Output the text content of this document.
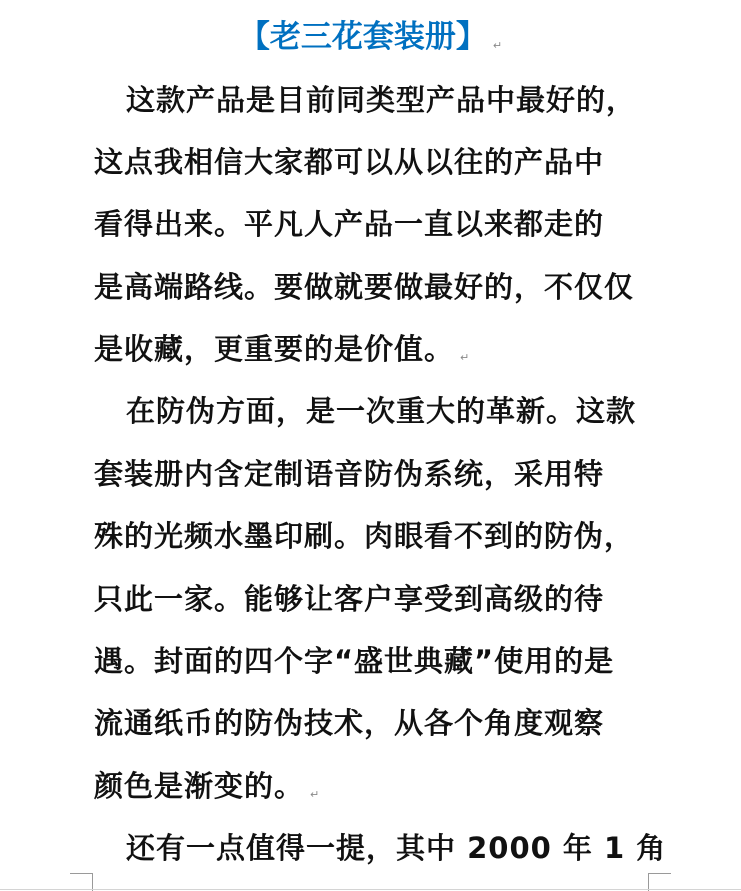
【老三花套装册】 ↵
这款产品是目前同类型产品中最好的，
这点我相信大家都可以从以往的产品中
看得出来。平凡人产品一直以来都走的
是高端路线。要做就要做最好的，不仅仅
是收藏，更重要的是价值。 ↵
在防伪方面，是一次重大的革新。这款
套装册内含定制语音防伪系统，采用特
殊的光频水墨印刷。肉眼看不到的防伪，
只此一家。能够让客户享受到高级的待
遇。封面的四个字“盛世典藏”使用的是
流通纸币的防伪技术，从各个角度观察
颜色是渐变的。 ↵
还有一点值得一提，其中 2000 年 1 角
